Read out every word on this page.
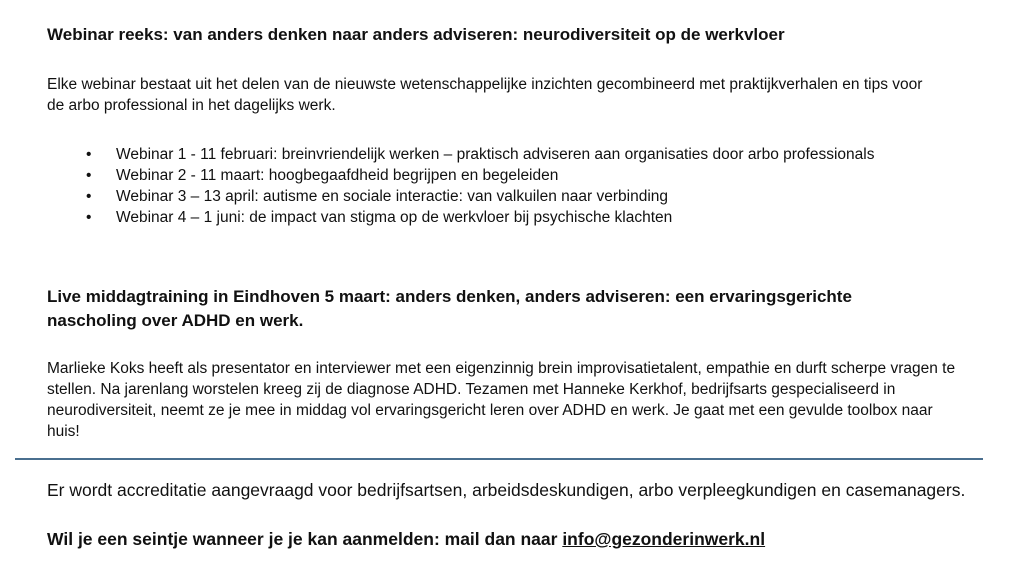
Webinar reeks: van anders denken naar anders adviseren: neurodiversiteit op de werkvloer
Elke webinar bestaat uit het delen van de nieuwste wetenschappelijke inzichten gecombineerd met praktijkverhalen en tips voor de arbo professional in het dagelijks werk.
• Webinar 1 - 11 februari: breinvriendelijk werken – praktisch adviseren aan organisaties door arbo professionals
• Webinar 2 - 11 maart: hoogbegaafdheid begrijpen en begeleiden
• Webinar 3 – 13 april: autisme en sociale interactie: van valkuilen naar verbinding
• Webinar 4 – 1 juni: de impact van stigma op de werkvloer bij psychische klachten
Live middagtraining in Eindhoven 5 maart: anders denken, anders adviseren: een ervaringsgerichte nascholing over ADHD en werk.
Marlieke Koks heeft als presentator en interviewer met een eigenzinnig brein improvisatietalent, empathie en durft scherpe vragen te stellen. Na jarenlang worstelen kreeg zij de diagnose ADHD. Tezamen met Hanneke Kerkhof, bedrijfsarts gespecialiseerd in neurodiversiteit, neemt ze je mee in middag vol ervaringsgericht leren over ADHD en werk. Je gaat met een gevulde toolbox naar huis!
Er wordt accreditatie aangevraagd voor bedrijfsartsen, arbeidsdeskundigen, arbo verpleegkundigen en casemanagers.
Wil je een seintje wanneer je je kan aanmelden: mail dan naar info@gezonderinwerk.nl
